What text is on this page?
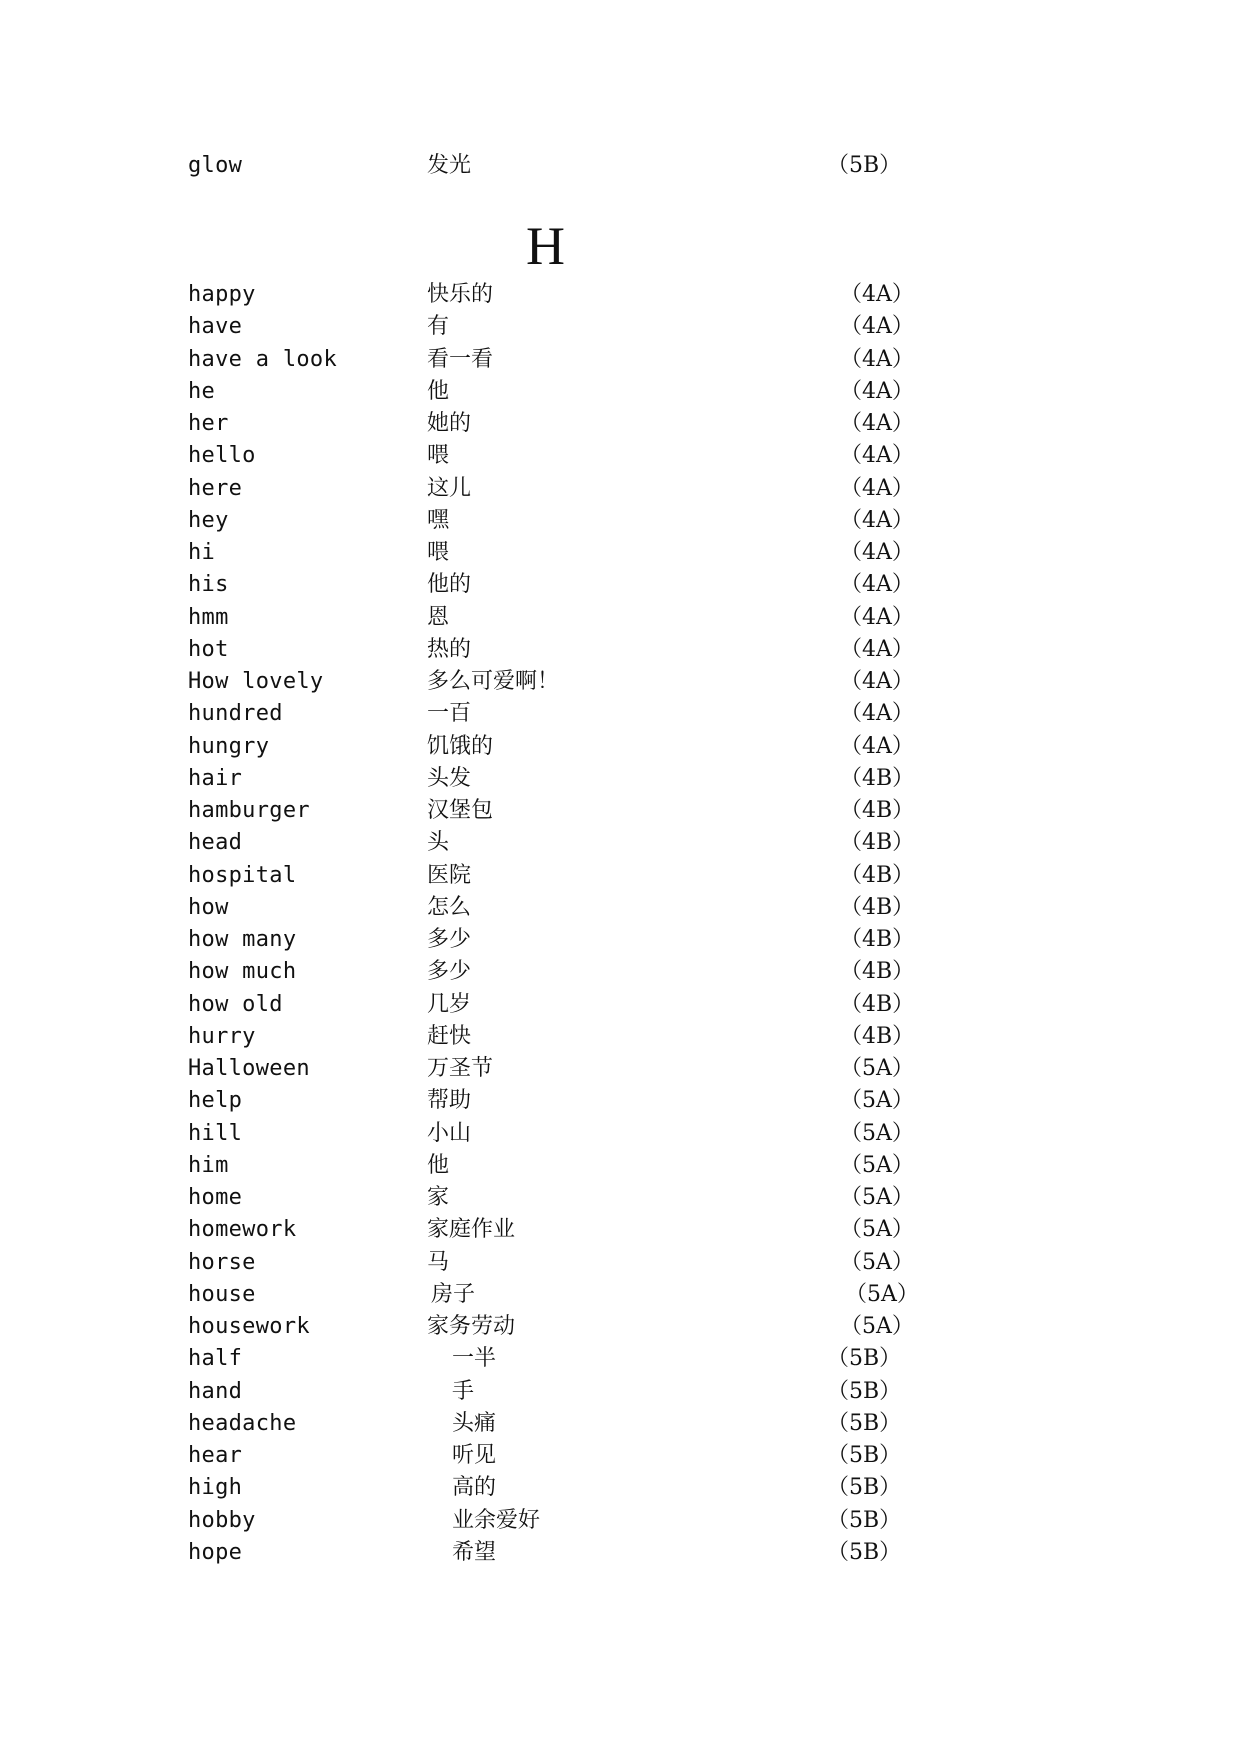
glow	发光	（5B）
H
happy	快乐的	（4A）
have	有	（4A）
have a look	看一看	（4A）
he	他	（4A）
her	她的	（4A）
hello	喂	（4A）
here	这儿	（4A）
hey	嘿	（4A）
hi	喂	（4A）
his	他的	（4A）
hmm	恩	（4A）
hot	热的	（4A）
How lovely	多么可爱啊！	（4A）
hundred	一百	（4A）
hungry	饥饿的	（4A）
hair	头发	（4B）
hamburger	汉堡包	（4B）
head	头	（4B）
hospital	医院	（4B）
how	怎么	（4B）
how many	多少	（4B）
how much	多少	（4B）
how old	几岁	（4B）
hurry	赶快	（4B）
Halloween	万圣节	（5A）
help	帮助	（5A）
hill	小山	（5A）
him	他	（5A）
home	家	（5A）
homework	家庭作业	（5A）
horse	马	（5A）
house	房子	（5A）
housework	家务劳动	（5A）
half	一半	（5B）
hand	手	（5B）
headache	头痛	（5B）
hear	听见	（5B）
high	高的	（5B）
hobby	业余爱好	（5B）
hope	希望	（5B）
